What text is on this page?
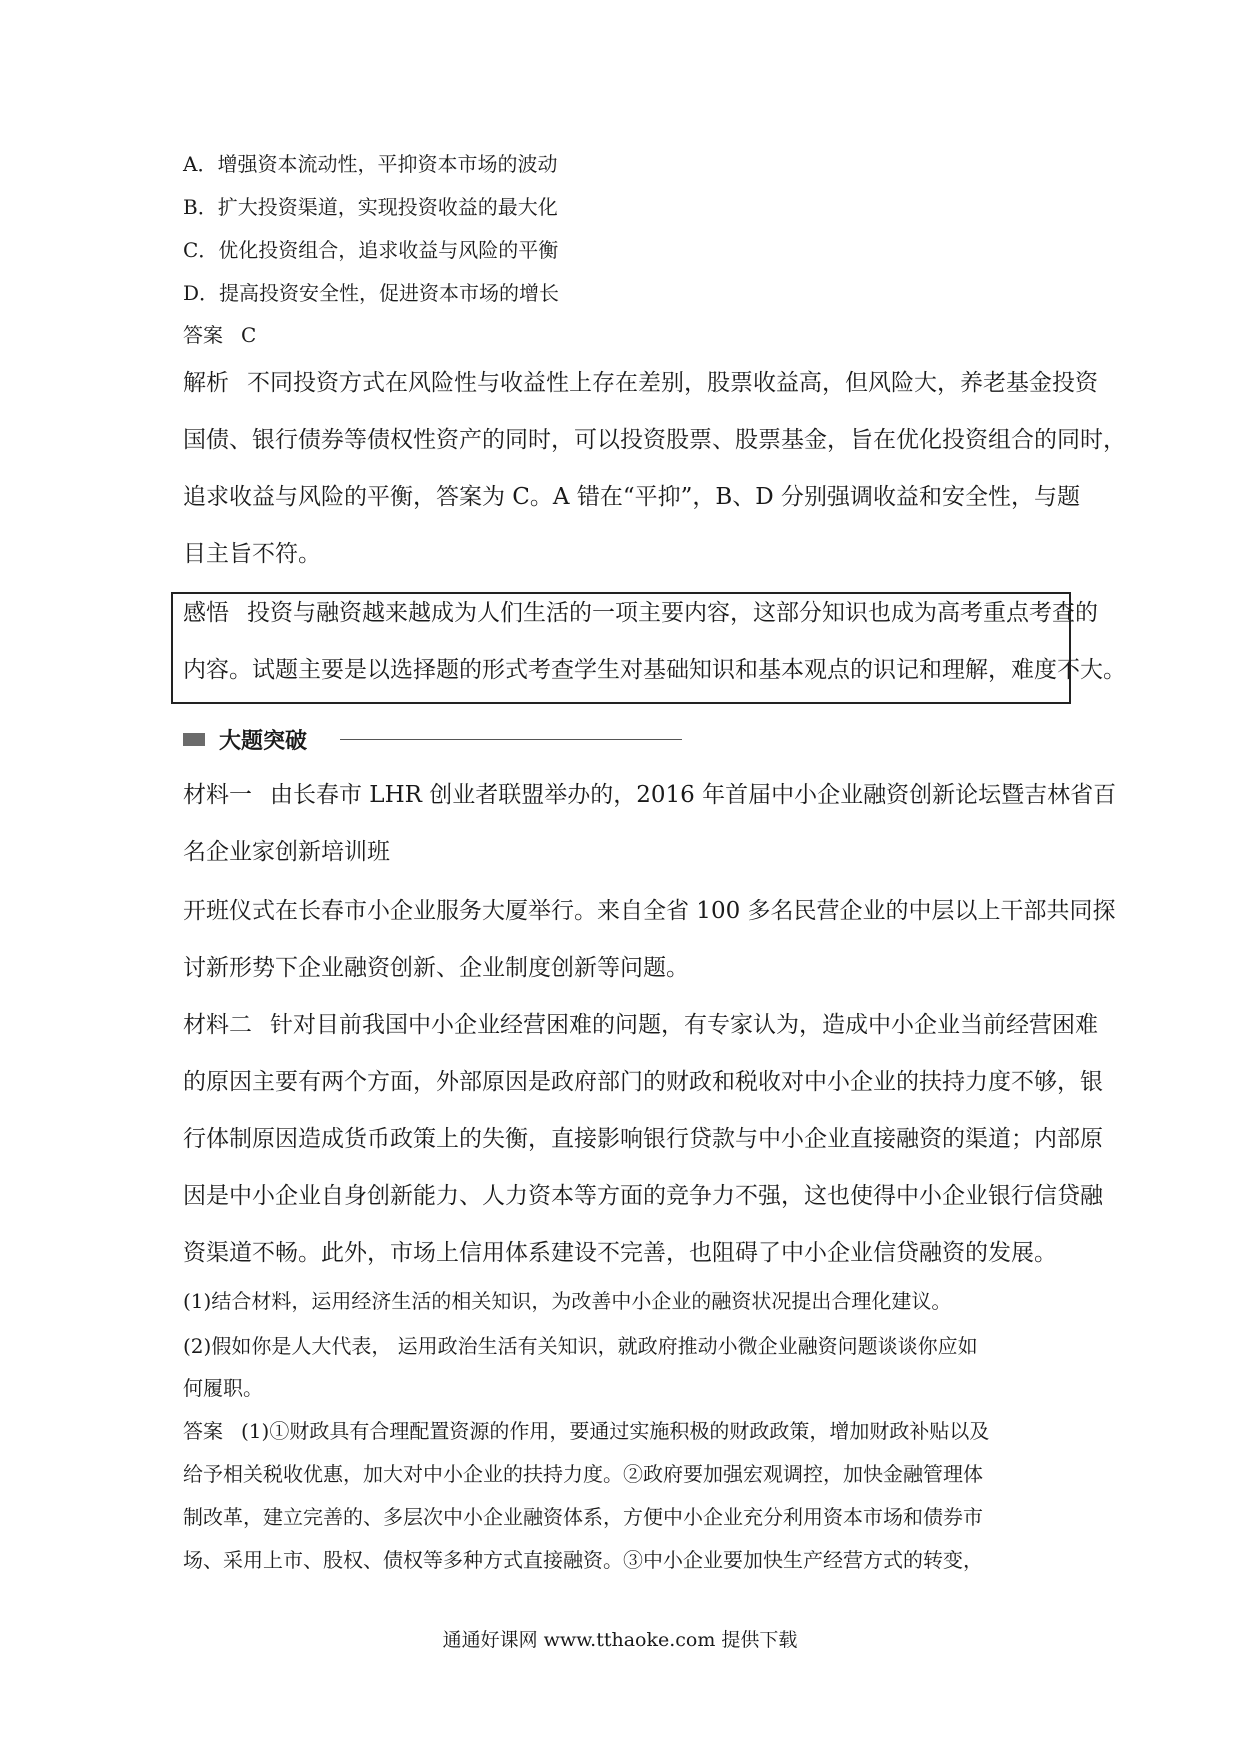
A．增强资本流动性，平抑资本市场的波动
B．扩大投资渠道，实现投资收益的最大化
C．优化投资组合，追求收益与风险的平衡
D．提高投资安全性，促进资本市场的增长
答案 C
解析 不同投资方式在风险性与收益性上存在差别，股票收益高，但风险大，养老基金投资
国债、银行债券等债权性资产的同时，可以投资股票、股票基金，旨在优化投资组合的同时，
追求收益与风险的平衡，答案为 C。A 错在“平抑”，B、D 分别强调收益和安全性，与题
目主旨不符。
感悟 投资与融资越来越成为人们生活的一项主要内容，这部分知识也成为高考重点考查的
内容。试题主要是以选择题的形式考查学生对基础知识和基本观点的识记和理解，难度不大。
大题突破
材料一 由长春市 LHR 创业者联盟举办的，2016 年首届中小企业融资创新论坛暨吉林省百
名企业家创新培训班
开班仪式在长春市小企业服务大厦举行。来自全省 100 多名民营企业的中层以上干部共同探
讨新形势下企业融资创新、企业制度创新等问题。
材料二 针对目前我国中小企业经营困难的问题，有专家认为，造成中小企业当前经营困难
的原因主要有两个方面，外部原因是政府部门的财政和税收对中小企业的扶持力度不够，银
行体制原因造成货币政策上的失衡，直接影响银行贷款与中小企业直接融资的渠道；内部原
因是中小企业自身创新能力、人力资本等方面的竞争力不强，这也使得中小企业银行信贷融
资渠道不畅。此外，市场上信用体系建设不完善，也阻碍了中小企业信贷融资的发展。
(1)结合材料，运用经济生活的相关知识，为改善中小企业的融资状况提出合理化建议。
(2)假如你是人大代表， 运用政治生活有关知识，就政府推动小微企业融资问题谈谈你应如
何履职。
答案 (1)①财政具有合理配置资源的作用，要通过实施积极的财政政策，增加财政补贴以及
给予相关税收优惠，加大对中小企业的扶持力度。②政府要加强宏观调控，加快金融管理体
制改革，建立完善的、多层次中小企业融资体系，方便中小企业充分利用资本市场和债券市
场、采用上市、股权、债权等多种方式直接融资。③中小企业要加快生产经营方式的转变，
通通好课网 www.tthaoke.com 提供下载
